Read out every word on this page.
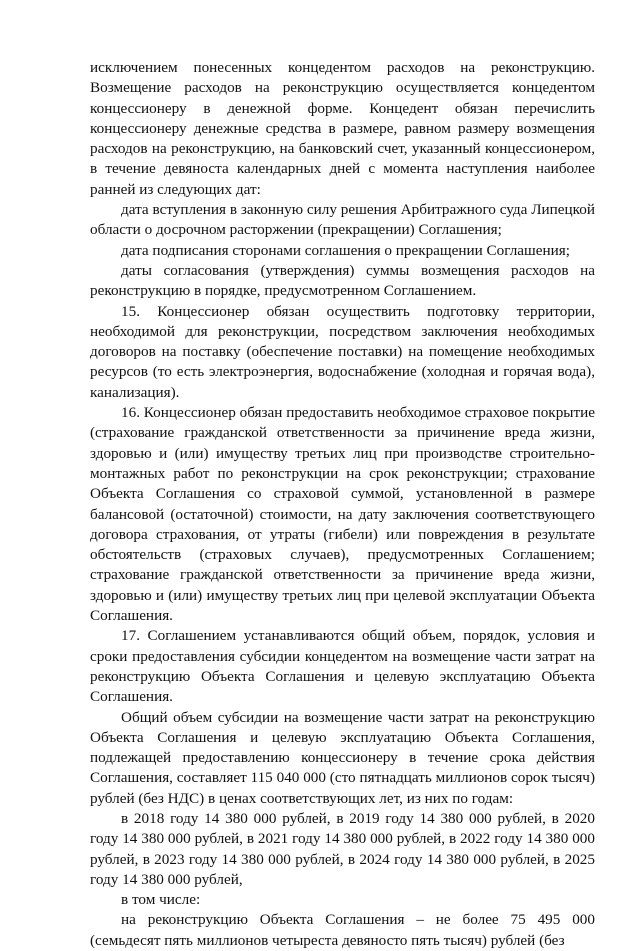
исключением понесенных концедентом расходов на реконструкцию. Возмещение расходов на реконструкцию осуществляется концедентом концессионеру в денежной форме. Концедент обязан перечислить концессионеру денежные средства в размере, равном размеру возмещения расходов на реконструкцию, на банковский счет, указанный концессионером, в течение девяноста календарных дней с момента наступления наиболее ранней из следующих дат:

дата вступления в законную силу решения Арбитражного суда Липецкой области о досрочном расторжении (прекращении) Соглашения;

дата подписания сторонами соглашения о прекращении Соглашения;

даты согласования (утверждения) суммы возмещения расходов на реконструкцию в порядке, предусмотренном Соглашением.

15. Концессионер обязан осуществить подготовку территории, необходимой для реконструкции, посредством заключения необходимых договоров на поставку (обеспечение поставки) на помещение необходимых ресурсов (то есть электроэнергия, водоснабжение (холодная и горячая вода), канализация).

16. Концессионер обязан предоставить необходимое страховое покрытие (страхование гражданской ответственности за причинение вреда жизни, здоровью и (или) имуществу третьих лиц при производстве строительно-монтажных работ по реконструкции на срок реконструкции; страхование Объекта Соглашения со страховой суммой, установленной в размере балансовой (остаточной) стоимости, на дату заключения соответствующего договора страхования, от утраты (гибели) или повреждения в результате обстоятельств (страховых случаев), предусмотренных Соглашением; страхование гражданской ответственности за причинение вреда жизни, здоровью и (или) имуществу третьих лиц при целевой эксплуатации Объекта Соглашения.

17. Соглашением устанавливаются общий объем, порядок, условия и сроки предоставления субсидии концедентом на возмещение части затрат на реконструкцию Объекта Соглашения и целевую эксплуатацию Объекта Соглашения.

Общий объем субсидии на возмещение части затрат на реконструкцию Объекта Соглашения и целевую эксплуатацию Объекта Соглашения, подлежащей предоставлению концессионеру в течение срока действия Соглашения, составляет 115 040 000 (сто пятнадцать миллионов сорок тысяч) рублей (без НДС) в ценах соответствующих лет, из них по годам:

в 2018 году 14 380 000 рублей, в 2019 году 14 380 000 рублей, в 2020 году 14 380 000 рублей, в 2021 году 14 380 000 рублей, в 2022 году 14 380 000 рублей, в 2023 году 14 380 000 рублей, в 2024 году 14 380 000 рублей, в 2025 году 14 380 000 рублей,

в том числе:

на реконструкцию Объекта Соглашения – не более 75 495 000 (семьдесят пять миллионов четыреста девяносто пять тысяч) рублей (без
